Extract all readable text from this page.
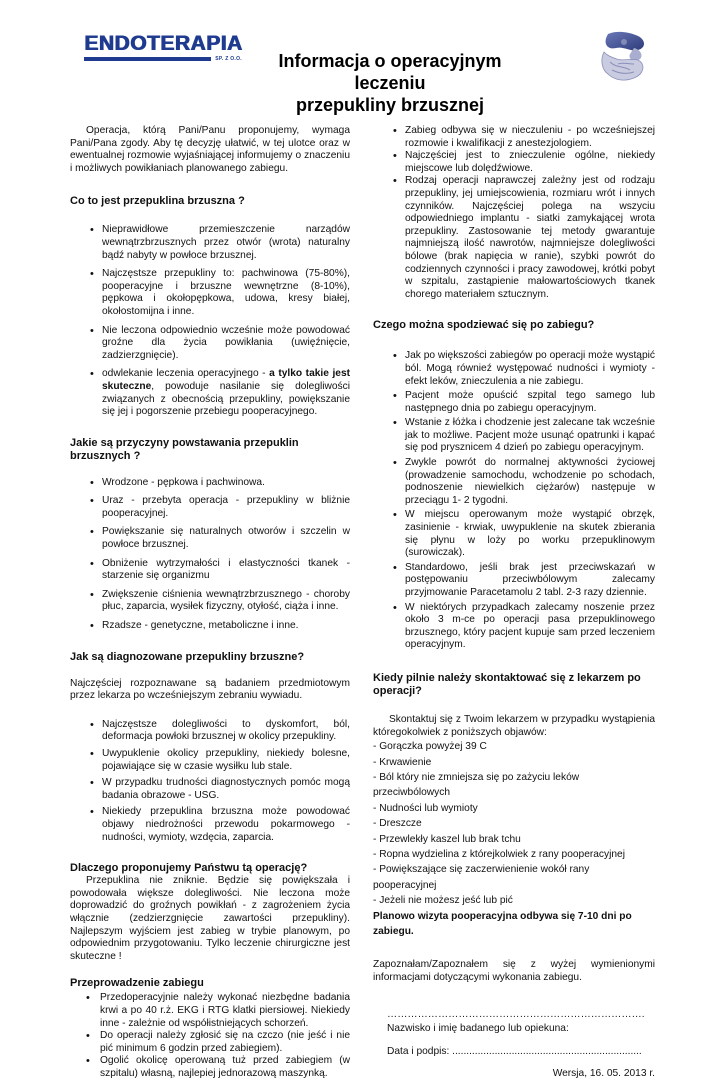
ENDOTERAPIA
SP. Z O.O.	Informacja o operacyjnym leczeniu
przepukliny brzusznej

Operacja, którą Pani/Panu proponujemy, wymaga Pani/Pana zgody. Aby tę decyzję ułatwić, w tej ulotce oraz w ewentualnej rozmowie wyjaśniającej informujemy o znaczeniu i możliwych powikłaniach planowanego zabiegu.

Co to jest przepuklina brzuszna ?
• Nieprawidłowe przemieszczenie narządów wewnątrzbrzusznych przez otwór (wrota) naturalny bądź nabyty w powłoce brzusznej.
• Najczęstsze przepukliny to: pachwinowa (75-80%), pooperacyjne i brzuszne wewnętrzne (8-10%), pępkowa i okołopępkowa, udowa, kresy białej, okołostomijna i inne.
• Nie leczona odpowiednio wcześnie może powodować groźne dla życia powikłania (uwięźnięcie, zadzierzgnięcie).
• odwlekanie leczenia operacyjnego - a tylko takie jest skuteczne, powoduje nasilanie się dolegliwości związanych z obecnością przepukliny, powiększanie się jej i pogorszenie przebiegu pooperacyjnego.
Jakie są przyczyny powstawania przepuklin brzusznych ?
• Wrodzone - pępkowa i pachwinowa.
• Uraz - przebyta operacja - przepukliny w bliżnie pooperacyjnej.
• Powiększanie się naturalnych otworów i szczelin w powłoce brzusznej.
• Obniżenie wytrzymałości i elastyczności tkanek - starzenie się organizmu
• Zwiększenie ciśnienia wewnątrzbrzusznego - choroby płuc, zaparcia, wysiłek fizyczny, otyłość, ciąża i inne.
• Rzadsze - genetyczne, metaboliczne i inne.
Jak są diagnozowane przepukliny brzuszne?

Najczęściej rozpoznawane są badaniem przedmiotowym przez lekarza po wcześniejszym zebraniu wywiadu.

• Najczęstsze dolegliwości to dyskomfort, ból, deformacja powłoki brzusznej w okolicy przepukliny.
• Uwypuklenie okolicy przepukliny, niekiedy bolesne, pojawiające się w czasie wysiłku lub stale.
• W przypadku trudności diagnostycznych pomóc mogą badania obrazowe - USG.
• Niekiedy przepuklina brzuszna może powodować objawy niedrożności przewodu pokarmowego - nudności, wymioty, wzdęcia, zaparcia.
Dlaczego proponujemy Państwu tą operację?

Przepuklina nie zniknie. Będzie się powiększała i powodowała większe dolegliwości. Nie leczona może doprowadzić do groźnych powikłań - z zagrożeniem życia włącznie (zedzierzgnięcie zawartości przepukliny). Najlepszym wyjściem jest zabieg w trybie planowym, po odpowiednim przygotowaniu. Tylko leczenie chirurgiczne jest skuteczne !

Przeprowadzenie zabiegu
• Przedoperacyjnie należy wykonać niezbędne badania krwi a po 40 r.ż. EKG i RTG klatki piersiowej. Niekiedy inne - zależnie od współistniejących schorzeń.
• Do operacji należy zgłosić się na czczo (nie jeść i nie pić minimum 6 godzin przed zabiegiem).
• Ogolić okolicę operowaną tuż przed zabiegiem (w szpitalu) własną, najlepiej jednorazową maszynką.
• Zabieg odbywa się w nieczuleniu - po wcześniejszej rozmowie i kwalifikacji z anestezjologiem.
• Najczęściej jest to znieczulenie ogólne, niekiedy miejscowe lub dolędźwiowe.
• Rodzaj operacji naprawczej zależny jest od rodzaju przepukliny, jej umiejscowienia, rozmiaru wrót i innych czynników. Najczęściej polega na wszyciu odpowiedniego implantu - siatki zamykającej wrota przepukliny. Zastosowanie tej metody gwarantuje najmniejszą ilość nawrotów, najmniejsze dolegliwości bólowe (brak napięcia w ranie), szybki powrót do codziennych czynności i pracy zawodowej, krótki pobyt w szpitalu, zastąpienie małowartościowych tkanek chorego materiałem sztucznym.
Czego można spodziewać się po zabiegu?
• Jak po większości zabiegów po operacji może wystąpić ból. Mogą równieź występować nudności i wymioty - efekt leków, znieczulenia a nie zabiegu.
• Pacjent może opuścić szpital tego samego lub następnego dnia po zabiegu operacyjnym.
• Wstanie z łóżka i chodzenie jest zalecane tak wcześnie jak to możliwe. Pacjent może usunąć opatrunki i kąpać się pod prysznicem 4 dzień po zabiegu operacyjnym.
• Zwykle powrót do normalnej aktywności życiowej (prowadzenie samochodu, wchodzenie po schodach, podnoszenie niewielkich ciężarów) następuje w przeciągu 1- 2 tygodni.
• W miejscu operowanym może wystąpić obrzęk, zasinienie - krwiak, uwypuklenie na skutek zbierania się płynu w loży po worku przepuklinowym (surowiczak).
• Standardowo, jeśli brak jest przeciwskazań w postępowaniu przeciwbólowym zalecamy przyjmowanie Paracetamolu 2 tabl. 2-3 razy dziennie.
• W niektórych przypadkach zalecamy noszenie przez około 3 m-ce po operacji pasa przepuklinowego brzusznego, który pacjent kupuje sam przed leczeniem operacyjnym.
Kiedy pilnie należy skontaktować się z lekarzem po operacji?

Skontaktuj się z Twoim lekarzem w przypadku wystąpienia któregokolwiek z poniższych objawów:

- Gorączka powyżej 39 C
- Krwawienie
- Ból który nie zmniejsza się po zażyciu leków przeciwbólowych
- Nudności lub wymioty
- Dreszcze
- Przewlekły kaszel lub brak tchu
- Ropna wydzielina z którejkolwiek z rany pooperacyjnej
- Powiększające się zaczerwienienie wokół rany pooperacyjnej
- Jeżeli nie możesz jeść lub pić

Planowo wizyta pooperacyjna odbywa się 7-10 dni po zabiegu.

Zapoznałam/Zapoznałem się z wyżej wymienionymi informacjami dotyczącymi wykonania zabiegu.

………………………………………………………………….
Nazwisko i imię badanego lub opiekuna:
Data i podpis: ...................................................................
Wersja, 16. 05. 2013 r.
